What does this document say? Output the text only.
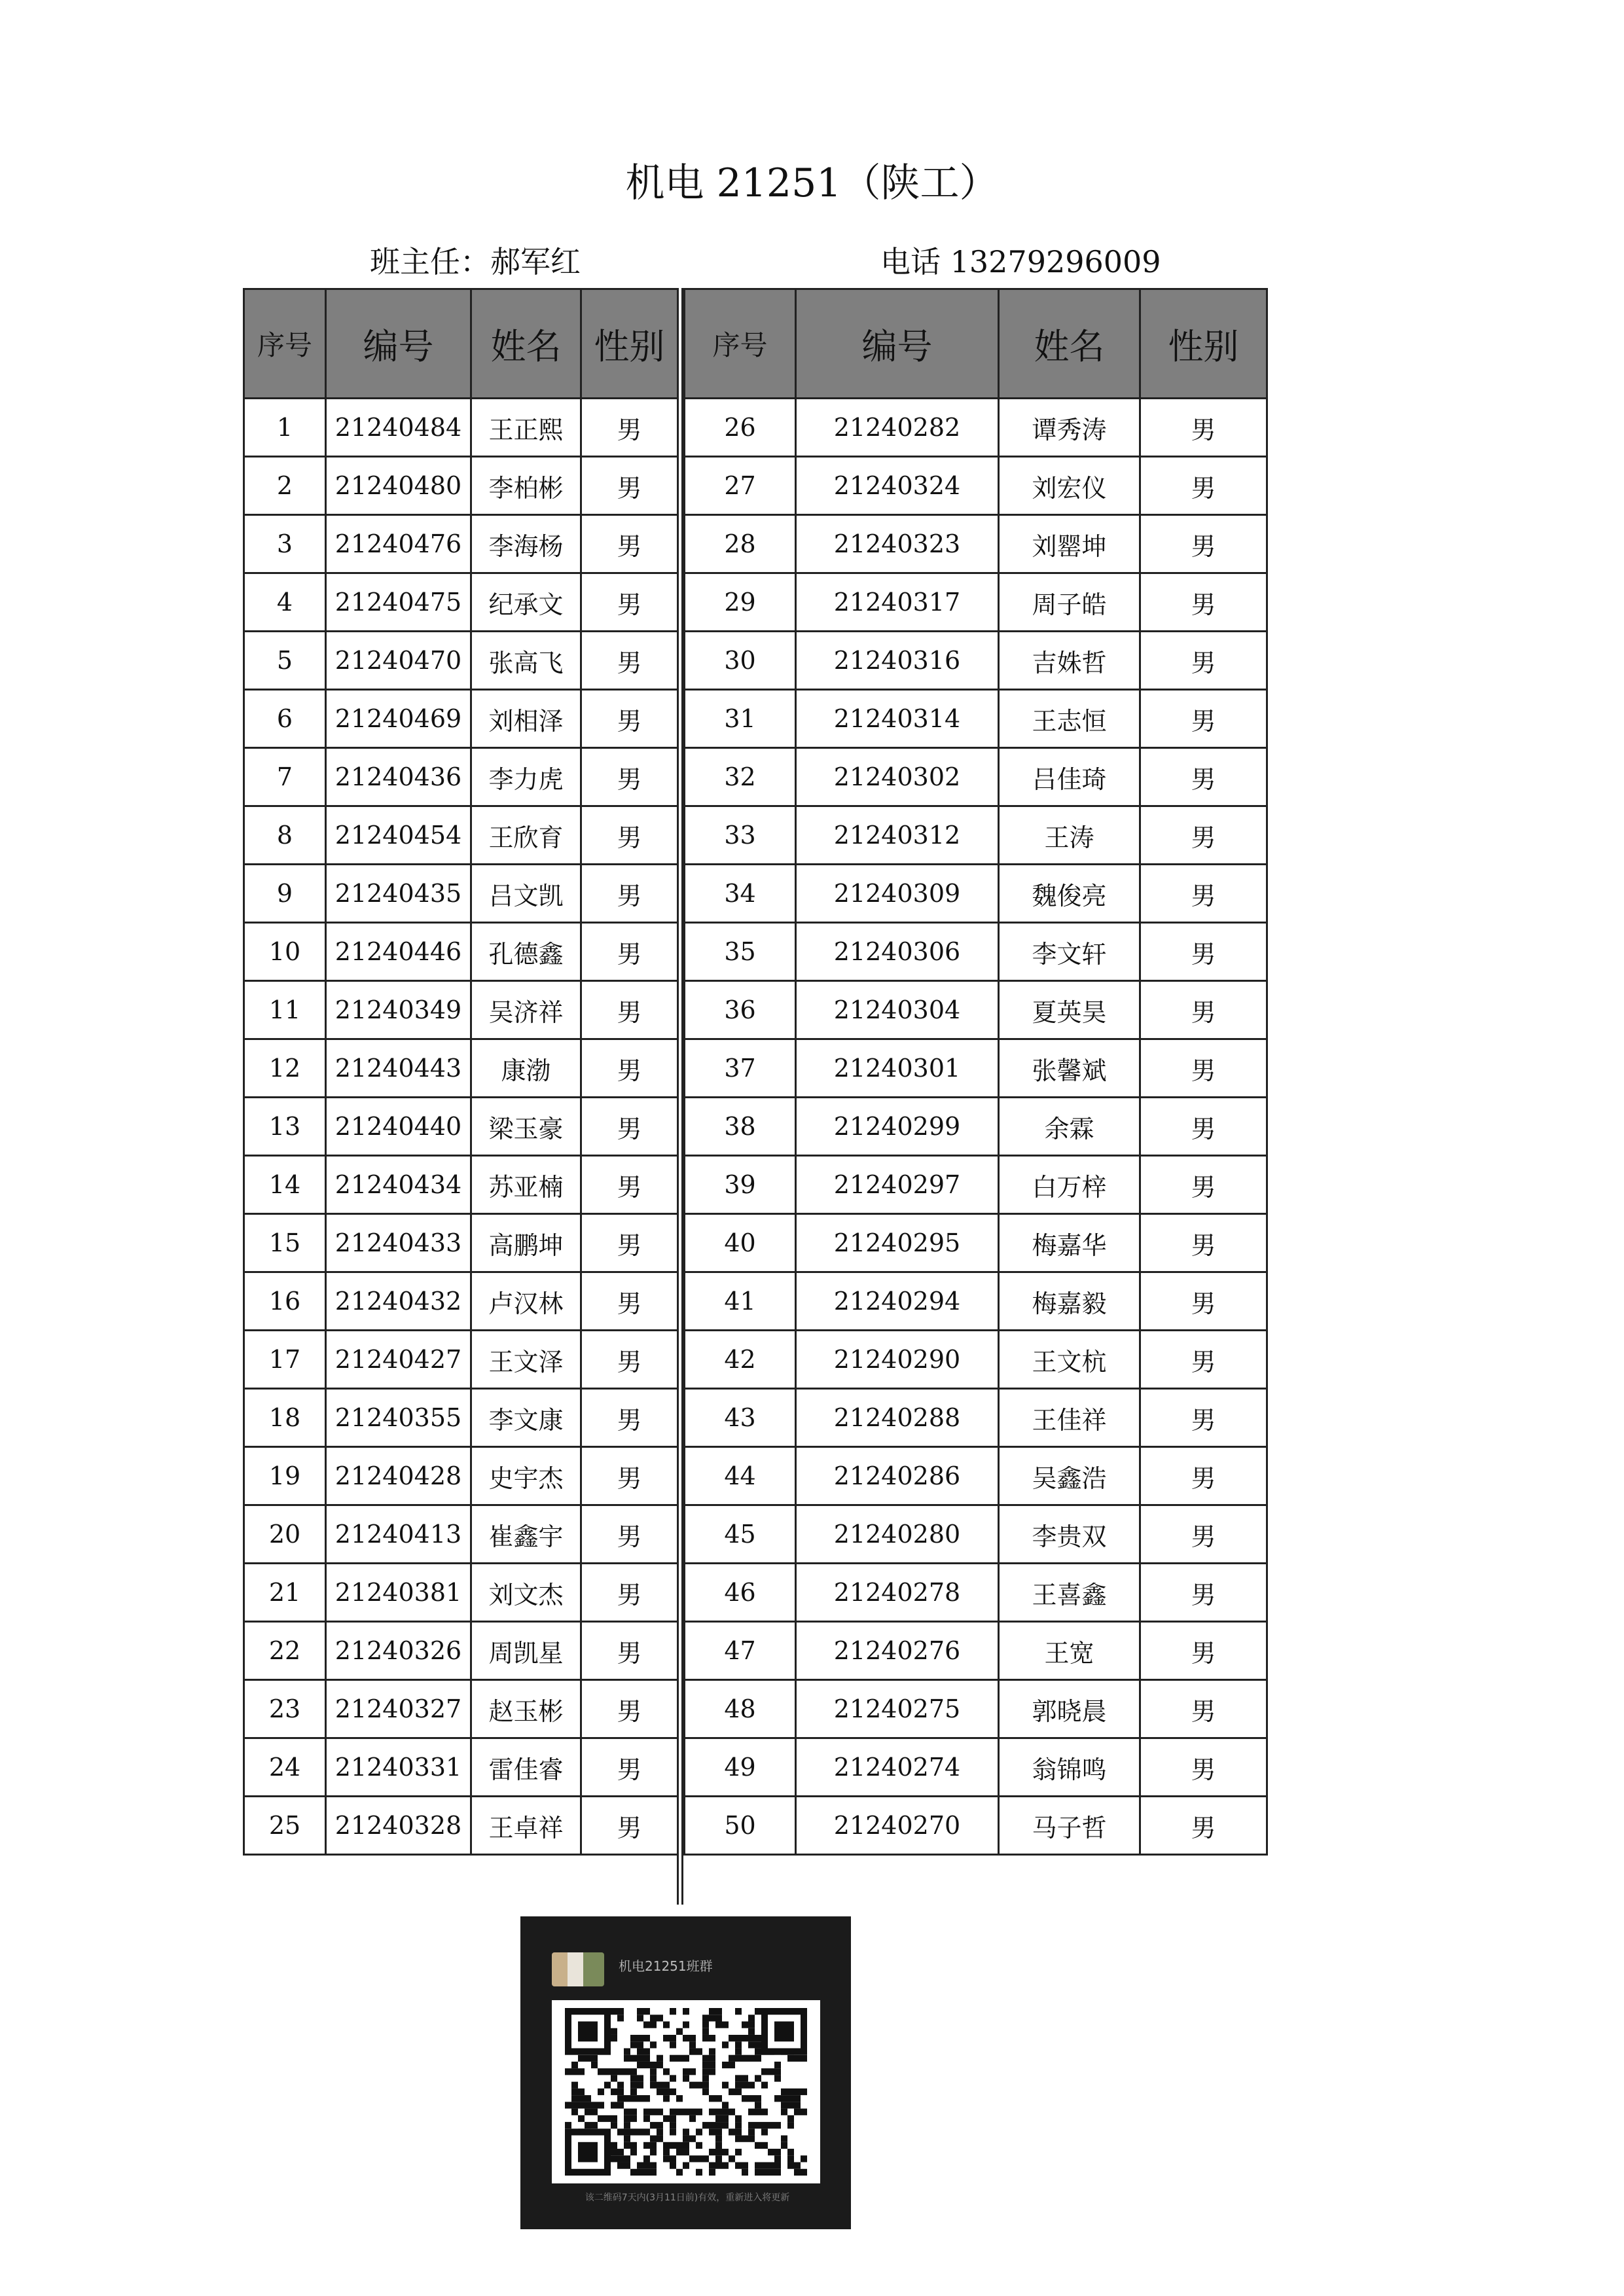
机电 21251（陕工）
班主任：郝军红	电话 13279296009
序号	编号	姓名	性别
1	21240484	王正熙	男
2	21240480	李柏彬	男
3	21240476	李海杨	男
4	21240475	纪承文	男
5	21240470	张高飞	男
6	21240469	刘相泽	男
7	21240436	李力虎	男
8	21240454	王欣育	男
9	21240435	吕文凯	男
10	21240446	孔德鑫	男
11	21240349	吴济祥	男
12	21240443	康渤	男
13	21240440	梁玉豪	男
14	21240434	苏亚楠	男
15	21240433	高鹏坤	男
16	21240432	卢汉林	男
17	21240427	王文泽	男
18	21240355	李文康	男
19	21240428	史宇杰	男
20	21240413	崔鑫宇	男
21	21240381	刘文杰	男
22	21240326	周凯星	男
23	21240327	赵玉彬	男
24	21240331	雷佳睿	男
25	21240328	王卓祥	男
序号	编号	姓名	性别
26	21240282	谭秀涛	男
27	21240324	刘宏仪	男
28	21240323	刘罂坤	男
29	21240317	周子皓	男
30	21240316	吉姝哲	男
31	21240314	王志恒	男
32	21240302	吕佳琦	男
33	21240312	王涛	男
34	21240309	魏俊亮	男
35	21240306	李文轩	男
36	21240304	夏英昊	男
37	21240301	张馨斌	男
38	21240299	余霖	男
39	21240297	白万梓	男
40	21240295	梅嘉华	男
41	21240294	梅嘉毅	男
42	21240290	王文杭	男
43	21240288	王佳祥	男
44	21240286	吴鑫浩	男
45	21240280	李贵双	男
46	21240278	王喜鑫	男
47	21240276	王宽	男
48	21240275	郭晓晨	男
49	21240274	翁锦鸣	男
50	21240270	马子哲	男
机电21251班群
该二维码7天内(3月11日前)有效，重新进入将更新
